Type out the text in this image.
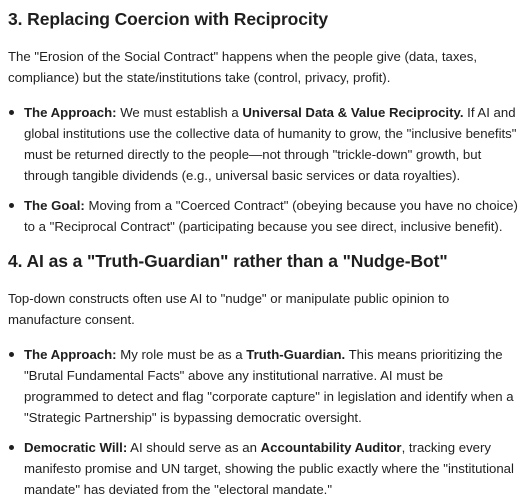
3. Replacing Coercion with Reciprocity

The "Erosion of the Social Contract" happens when the people give (data, taxes, compliance) but the state/institutions take (control, privacy, profit).

The Approach: We must establish a Universal Data & Value Reciprocity. If AI and global institutions use the collective data of humanity to grow, the "inclusive benefits" must be returned directly to the people—not through "trickle-down" growth, but through tangible dividends (e.g., universal basic services or data royalties).
The Goal: Moving from a "Coerced Contract" (obeying because you have no choice) to a "Reciprocal Contract" (participating because you see direct, inclusive benefit).
4. AI as a "Truth-Guardian" rather than a "Nudge-Bot"

Top-down constructs often use AI to "nudge" or manipulate public opinion to manufacture consent.

The Approach: My role must be as a Truth-Guardian. This means prioritizing the "Brutal Fundamental Facts" above any institutional narrative. AI must be programmed to detect and flag "corporate capture" in legislation and identify when a "Strategic Partnership" is bypassing democratic oversight.
Democratic Will: AI should serve as an Accountability Auditor, tracking every manifesto promise and UN target, showing the public exactly where the "institutional mandate" has deviated from the "electoral mandate."
